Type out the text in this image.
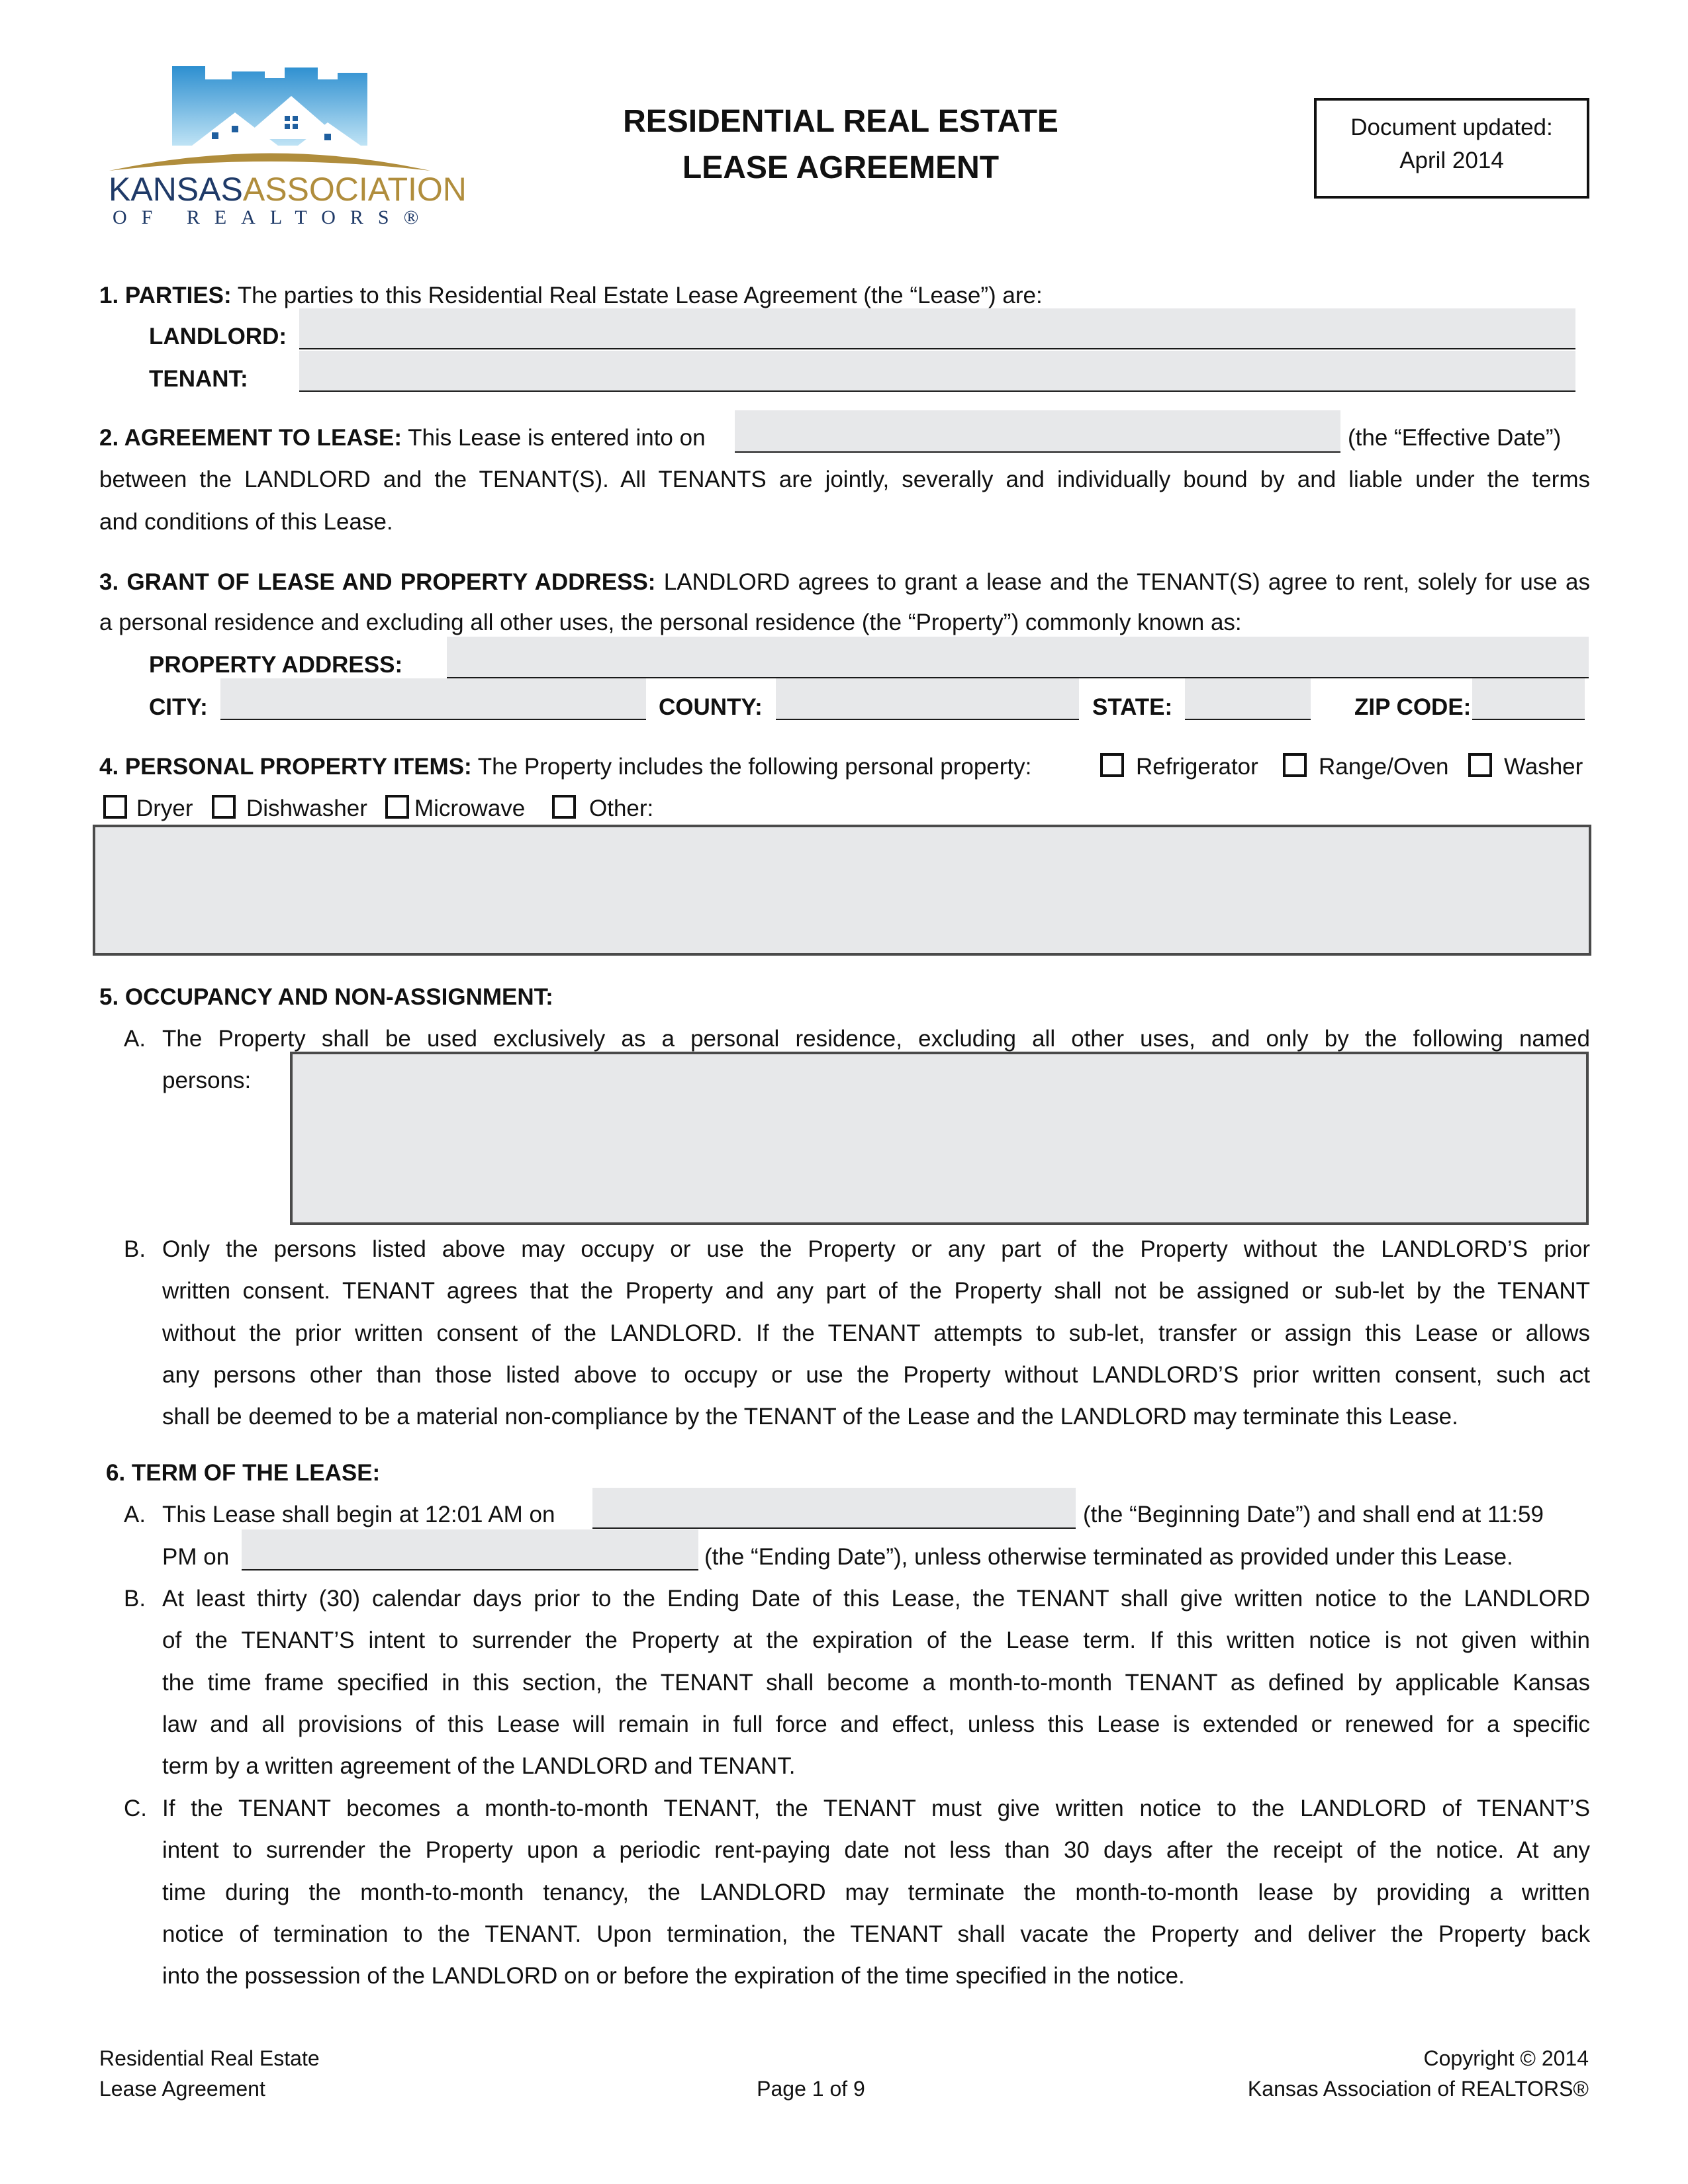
KANSASASSOCIATION
OF REALTORS®
RESIDENTIAL REAL ESTATE
LEASE AGREEMENT
Document updated:
April 2014
1. PARTIES: The parties to this Residential Real Estate Lease Agreement (the “Lease”) are:
LANDLORD:
TENANT:
2. AGREEMENT TO LEASE: This Lease is entered into on	(the “Effective Date”)
between the LANDLORD and the TENANT(S). All TENANTS are jointly, severally and individually bound by and liable under the terms
and conditions of this Lease.
3. GRANT OF LEASE AND PROPERTY ADDRESS: LANDLORD agrees to grant a lease and the TENANT(S) agree to rent, solely for use as
a personal residence and excluding all other uses, the personal residence (the “Property”) commonly known as:
PROPERTY ADDRESS:
CITY:	COUNTY:	STATE:	ZIP CODE:
4. PERSONAL PROPERTY ITEMS: The Property includes the following personal property:	Refrigerator	Range/Oven Washer
Dryer Dishwasher Microwave	Other:
5. OCCUPANCY AND NON-ASSIGNMENT:
A. The Property shall be used exclusively as a personal residence, excluding all other uses, and only by the following named
persons:
B. Only the persons listed above may occupy or use the Property or any part of the Property without the LANDLORD’S prior
written consent. TENANT agrees that the Property and any part of the Property shall not be assigned or sub-let by the TENANT
without the prior written consent of the LANDLORD. If the TENANT attempts to sub-let, transfer or assign this Lease or allows
any persons other than those listed above to occupy or use the Property without LANDLORD’S prior written consent, such act
shall be deemed to be a material non-compliance by the TENANT of the Lease and the LANDLORD may terminate this Lease.
6. TERM OF THE LEASE:
A. This Lease shall begin at 12:01 AM on	(the “Beginning Date”) and shall end at 11:59
PM on	(the “Ending Date”), unless otherwise terminated as provided under this Lease.
B. At least thirty (30) calendar days prior to the Ending Date of this Lease, the TENANT shall give written notice to the LANDLORD
of the TENANT’S intent to surrender the Property at the expiration of the Lease term. If this written notice is not given within
the time frame specified in this section, the TENANT shall become a month-to-month TENANT as defined by applicable Kansas
law and all provisions of this Lease will remain in full force and effect, unless this Lease is extended or renewed for a specific
term by a written agreement of the LANDLORD and TENANT.
C. If the TENANT becomes a month-to-month TENANT, the TENANT must give written notice to the LANDLORD of TENANT’S
intent to surrender the Property upon a periodic rent-paying date not less than 30 days after the receipt of the notice. At any
time during the month-to-month tenancy, the LANDLORD may terminate the month-to-month lease by providing a written
notice of termination to the TENANT. Upon termination, the TENANT shall vacate the Property and deliver the Property back
into the possession of the LANDLORD on or before the expiration of the time specified in the notice.
Residential Real Estate
Lease Agreement	Page 1 of 9
Copyright © 2014
Kansas Association of REALTORS®
